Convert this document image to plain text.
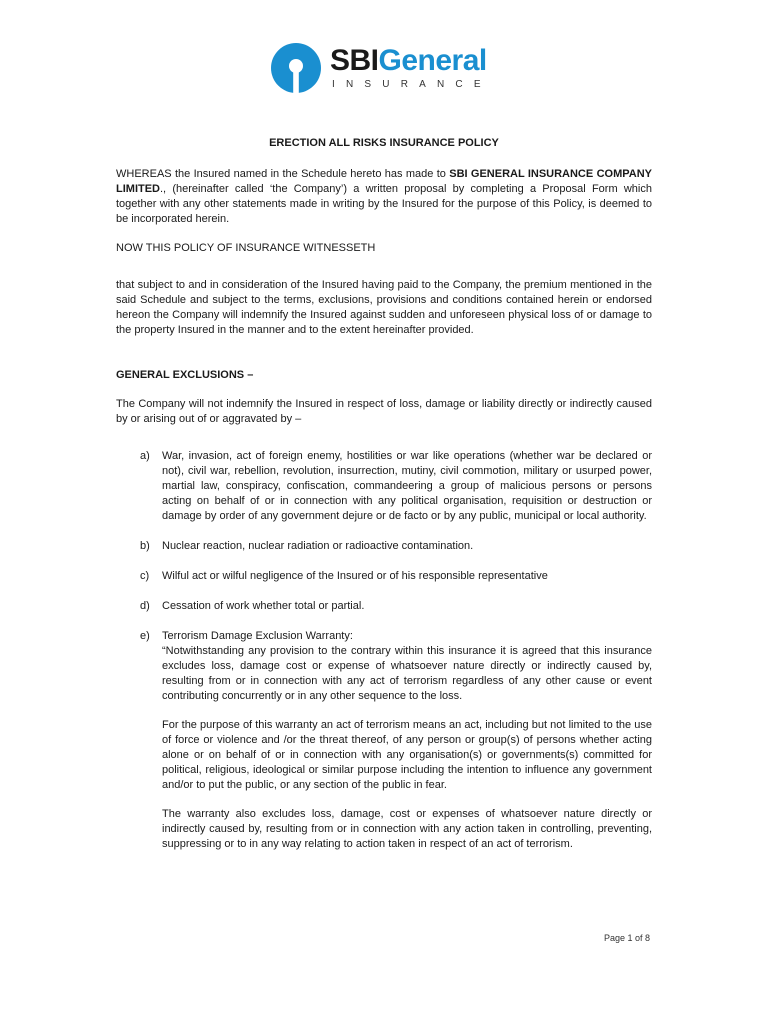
SBIGeneral
INSURANCE
ERECTION ALL RISKS INSURANCE POLICY

WHEREAS the Insured named in the Schedule hereto has made to SBI GENERAL INSURANCE COMPANY LIMITED., (hereinafter called ‘the Company’) a written proposal by completing a Proposal Form which together with any other statements made in writing by the Insured for the purpose of this Policy, is deemed to be incorporated herein.

NOW THIS POLICY OF INSURANCE WITNESSETH

that subject to and in consideration of the Insured having paid to the Company, the premium mentioned in the said Schedule and subject to the terms, exclusions, provisions and conditions contained herein or endorsed hereon the Company will indemnify the Insured against sudden and unforeseen physical loss of or damage to the property Insured in the manner and to the extent hereinafter provided.

GENERAL EXCLUSIONS –

The Company will not indemnify the Insured in respect of loss, damage or liability directly or indirectly caused by or arising out of or aggravated by –

a) War, invasion, act of foreign enemy, hostilities or war like operations (whether war be declared or not), civil war, rebellion, revolution, insurrection, mutiny, civil commotion, military or usurped power, martial law, conspiracy, confiscation, commandeering a group of malicious persons or persons acting on behalf of or in connection with any political organisation, requisition or destruction or damage by order of any government dejure or de facto or by any public, municipal or local authority.

b) Nuclear reaction, nuclear radiation or radioactive contamination.

c) Wilful act or wilful negligence of the Insured or of his responsible representative

d) Cessation of work whether total or partial.

e) Terrorism Damage Exclusion Warranty:

“Notwithstanding any provision to the contrary within this insurance it is agreed that this insurance excludes loss, damage cost or expense of whatsoever nature directly or indirectly caused by, resulting from or in connection with any act of terrorism regardless of any other cause or event contributing concurrently or in any other sequence to the loss.

For the purpose of this warranty an act of terrorism means an act, including but not limited to the use of force or violence and /or the threat thereof, of any person or group(s) of persons whether acting alone or on behalf of or in connection with any organisation(s) or governments(s) committed for political, religious, ideological or similar purpose including the intention to influence any government and/or to put the public, or any section of the public in fear.

The warranty also excludes loss, damage, cost or expenses of whatsoever nature directly or indirectly caused by, resulting from or in connection with any action taken in controlling, preventing, suppressing or to in any way relating to action taken in respect of an act of terrorism.

Page 1 of 8
